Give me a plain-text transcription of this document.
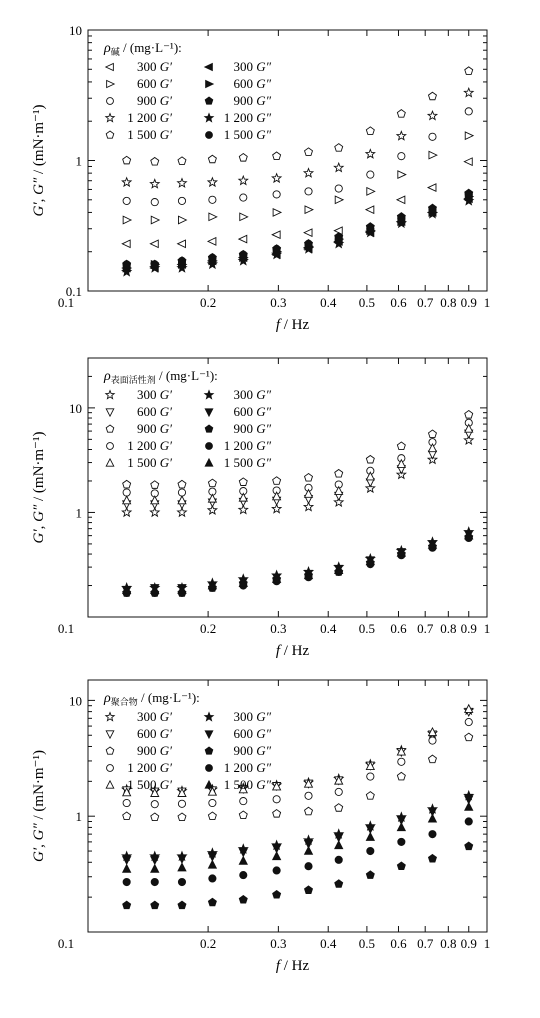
0.1	0.2	0.3	0.4 0.5 0.6 0.7 0.8 0.9 1
10
1
0.1
f / Hz
G′, G″ / (mN·m⁻¹)
$\rho_碱 / (mg\cdot L^{-1})$:
300 G′	300 G″
600 G′	600 G″
900 G′	900 G″
1 200 G′	1 200 G″
1 500 G′	1 500 G″
0.1	0.2	0.3	0.4 0.5 0.6 0.7 0.8 0.9 1
10
1
f / Hz
G′, G″ / (mN·m⁻¹)
$\rho_{表面活性剂} / (mg\cdot L^{-1})$:
300 G′	300 G″
600 G′	600 G″
900 G′	900 G″
1 200 G′	1 200 G″
1 500 G′	1 500 G″
0.1	0.2	0.3	0.4 0.5 0.6 0.7 0.8 0.9 1
10
1
f / Hz
G′, G″ / (mN·m⁻¹)
$\rho_{聚合物} / (mg\cdot L^{-1})$:
300 G′	300 G″
600 G′	600 G″
900 G′	900 G″
1 200 G′	1 200 G″
1 500 G′	1 500 G″
